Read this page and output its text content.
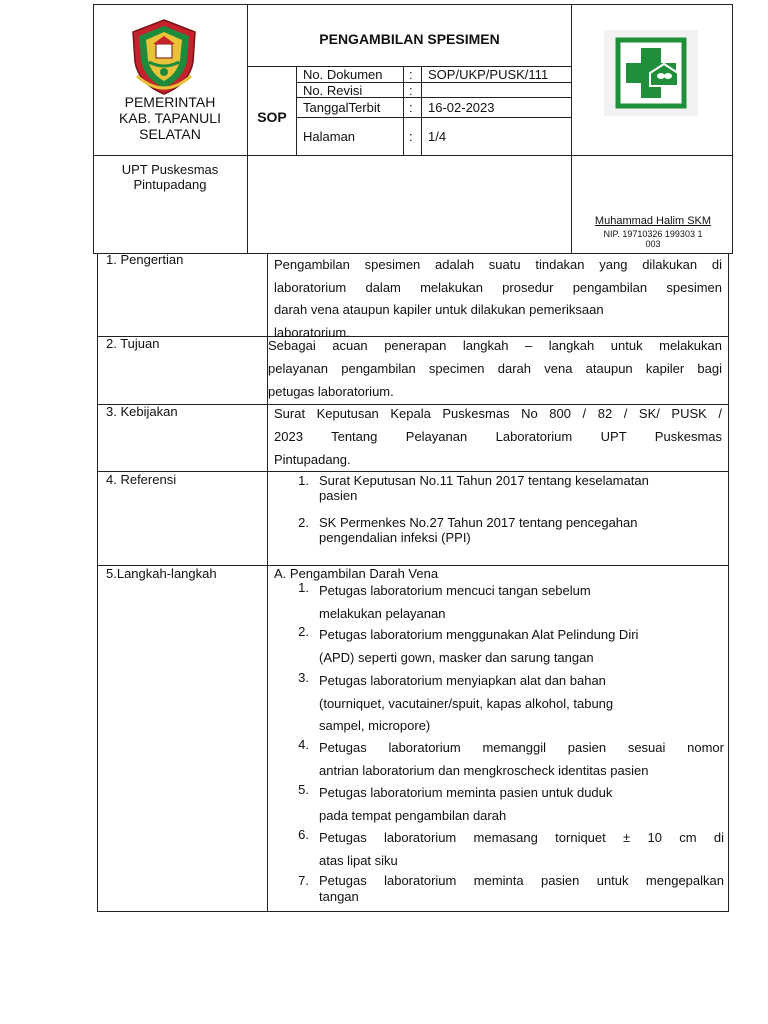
PEMERINTAH
KAB. TAPANULI
SELATAN
PENGAMBILAN SPESIMEN
SOP
No. Dokumen : SOP/UKP/PUSK/111
No. Revisi	:
TanggalTerbit : 16-02-2023
Halaman	: 1/4
UPT Puskesmas
Pintupadang
Muhammad Halim SKM
NIP. 19710326 199303 1
003
1. Pengertian	Pengambilan spesimen adalah suatu tindakan yang dilakukan di
laboratorium dalam melakukan prosedur pengambilan spesimen
darah vena ataupun kapiler untuk dilakukan pemeriksaan
laboratorium.
2. Tujuan	Sebagai acuan penerapan langkah – langkah untuk melakukan
pelayanan pengambilan specimen darah vena ataupun kapiler bagi
petugas laboratorium.
3. Kebijakan	Surat Keputusan Kepala Puskesmas No 800 / 82 / SK/ PUSK /
2023 Tentang Pelayanan Laboratorium UPT Puskesmas
Pintupadang.
4. Referensi	1. Surat Keputusan No.11 Tahun 2017 tentang keselamatan
pasien
2. SK Permenkes No.27 Tahun 2017 tentang pencegahan
pengendalian infeksi (PPI)
5.Langkah-langkah	A. Pengambilan Darah Vena
1. Petugas laboratorium mencuci tangan sebelum
melakukan pelayanan
2. Petugas laboratorium menggunakan Alat Pelindung Diri
(APD) seperti gown, masker dan sarung tangan
3. Petugas laboratorium menyiapkan alat dan bahan
(tourniquet, vacutainer/spuit, kapas alkohol, tabung
sampel, micropore)
4. Petugas laboratorium memanggil pasien sesuai nomor
antrian laboratorium dan mengkroscheck identitas pasien
5. Petugas laboratorium meminta pasien untuk duduk
pada tempat pengambilan darah
6. Petugas laboratorium memasang torniquet ± 10 cm di
atas lipat siku
7. Petugas laboratorium meminta pasien untuk mengepalkan
tangan
